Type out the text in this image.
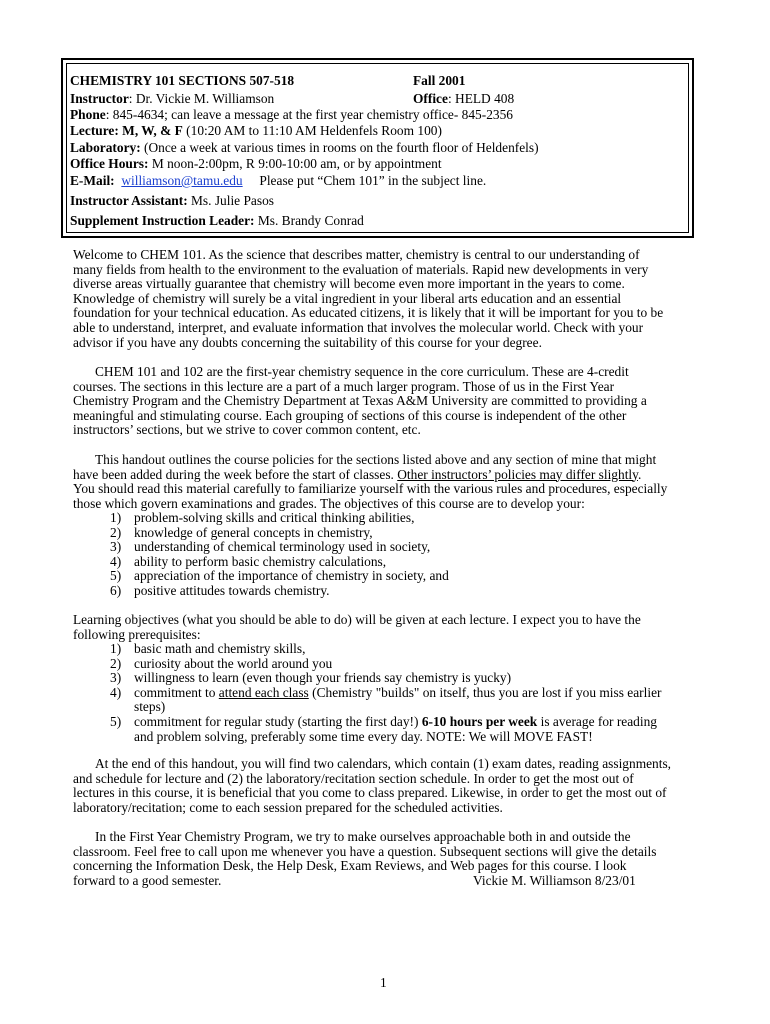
CHEMISTRY 101 SECTIONS 507-518	Fall 2001
Instructor: Dr. Vickie M. Williamson	Office: HELD 408
Phone: 845-4634; can leave a message at the first year chemistry office- 845-2356
Lecture: M, W, & F (10:20 AM to 11:10 AM Heldenfels Room 100)
Laboratory: (Once a week at various times in rooms on the fourth floor of Heldenfels)
Office Hours: M noon-2:00pm, R 9:00-10:00 am, or by appointment
E-Mail: williamson@tamu.edu Please put “Chem 101” in the subject line.
Instructor Assistant: Ms. Julie Pasos
Supplement Instruction Leader: Ms. Brandy Conrad
Welcome to CHEM 101. As the science that describes matter, chemistry is central to our understanding of
many fields from health to the environment to the evaluation of materials. Rapid new developments in very
diverse areas virtually guarantee that chemistry will become even more important in the years to come.
Knowledge of chemistry will surely be a vital ingredient in your liberal arts education and an essential
foundation for your technical education. As educated citizens, it is likely that it will be important for you to be
able to understand, interpret, and evaluate information that involves the molecular world. Check with your
advisor if you have any doubts concerning the suitability of this course for your degree.
CHEM 101 and 102 are the first-year chemistry sequence in the core curriculum. These are 4-credit
courses. The sections in this lecture are a part of a much larger program. Those of us in the First Year
Chemistry Program and the Chemistry Department at Texas A&M University are committed to providing a
meaningful and stimulating course. Each grouping of sections of this course is independent of the other
instructors’ sections, but we strive to cover common content, etc.
This handout outlines the course policies for the sections listed above and any section of mine that might
have been added during the week before the start of classes. Other instructors’ policies may differ slightly.
You should read this material carefully to familiarize yourself with the various rules and procedures, especially
those which govern examinations and grades. The objectives of this course are to develop your:
1) problem-solving skills and critical thinking abilities,
2) knowledge of general concepts in chemistry,
3) understanding of chemical terminology used in society,
4) ability to perform basic chemistry calculations,
5) appreciation of the importance of chemistry in society, and
6) positive attitudes towards chemistry.
Learning objectives (what you should be able to do) will be given at each lecture. I expect you to have the
following prerequisites:
1) basic math and chemistry skills,
2) curiosity about the world around you
3) willingness to learn (even though your friends say chemistry is yucky)
4) commitment to attend each class (Chemistry "builds" on itself, thus you are lost if you miss earlier
steps)
5) commitment for regular study (starting the first day!) 6-10 hours per week is average for reading
and problem solving, preferably some time every day. NOTE: We will MOVE FAST!
At the end of this handout, you will find two calendars, which contain (1) exam dates, reading assignments,
and schedule for lecture and (2) the laboratory/recitation section schedule. In order to get the most out of
lectures in this course, it is beneficial that you come to class prepared. Likewise, in order to get the most out of
laboratory/recitation; come to each session prepared for the scheduled activities.
In the First Year Chemistry Program, we try to make ourselves approachable both in and outside the
classroom. Feel free to call upon me whenever you have a question. Subsequent sections will give the details
concerning the Information Desk, the Help Desk, Exam Reviews, and Web pages for this course. I look
forward to a good semester.	Vickie M. Williamson 8/23/01
1
